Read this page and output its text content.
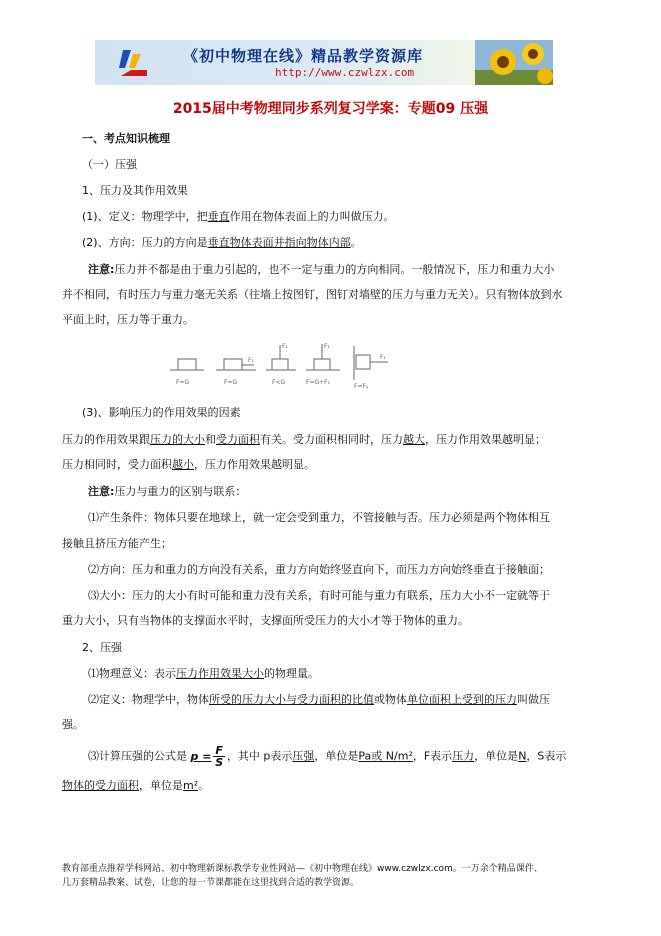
《初中物理在线》精品教学资源库
http://www.czwlzx.com
2015届中考物理同步系列复习学案：专题09 压强
一、考点知识梳理
（一）压强
1、压力及其作用效果
(1)、定义：物理学中，把垂直作用在物体表面上的力叫做压力。
(2)、方向：压力的方向是垂直物体表面并指向物体内部。
注意:压力并不都是由于重力引起的，也不一定与重力的方向相同。一般情况下，压力和重力大小
并不相同，有时压力与重力毫无关系（往墙上按图钉，图钉对墙壁的压力与重力无关）。只有物体放到水
平面上时，压力等于重力。
F=G	F=G	F<G	F=G+F₁
F=F₁
F₁
F₁	F₁
F₁
(3)、影响压力的作用效果的因素
压力的作用效果跟压力的大小和受力面积有关。受力面积相同时，压力越大，压力作用效果越明显；
压力相同时，受力面积越小，压力作用效果越明显。
注意:压力与重力的区别与联系：
⑴产生条件：物体只要在地球上，就一定会受到重力，不管接触与否。压力必须是两个物体相互
接触且挤压方能产生；
⑵方向：压力和重力的方向没有关系，重力方向始终竖直向下，而压力方向始终垂直于接触面；
⑶大小：压力的大小有时可能和重力没有关系，有时可能与重力有联系，压力大小不一定就等于
重力大小，只有当物体的支撑面水平时，支撑面所受压力的大小才等于物体的重力。
2、压强
⑴物理意义：表示压力作用效果大小的物理量。
⑵定义：物理学中，物体所受的压力大小与受力面积的比值或物体单位面积上受到的压力叫做压
强。
⑶计算压强的公式是 $p = \frac{F}{S}$ ，其中 p表示压强，单位是Pa或 N/m²，F表示压力，单位是N，S表示
物体的受力面积，单位是m²。
教育部重点推荐学科网站、初中物理新课标教学专业性网站—《初中物理在线》www.czwlzx.com。一万余个精品课件、
几万套精品教案、试卷，让您的每一节课都能在这里找到合适的教学资源。
